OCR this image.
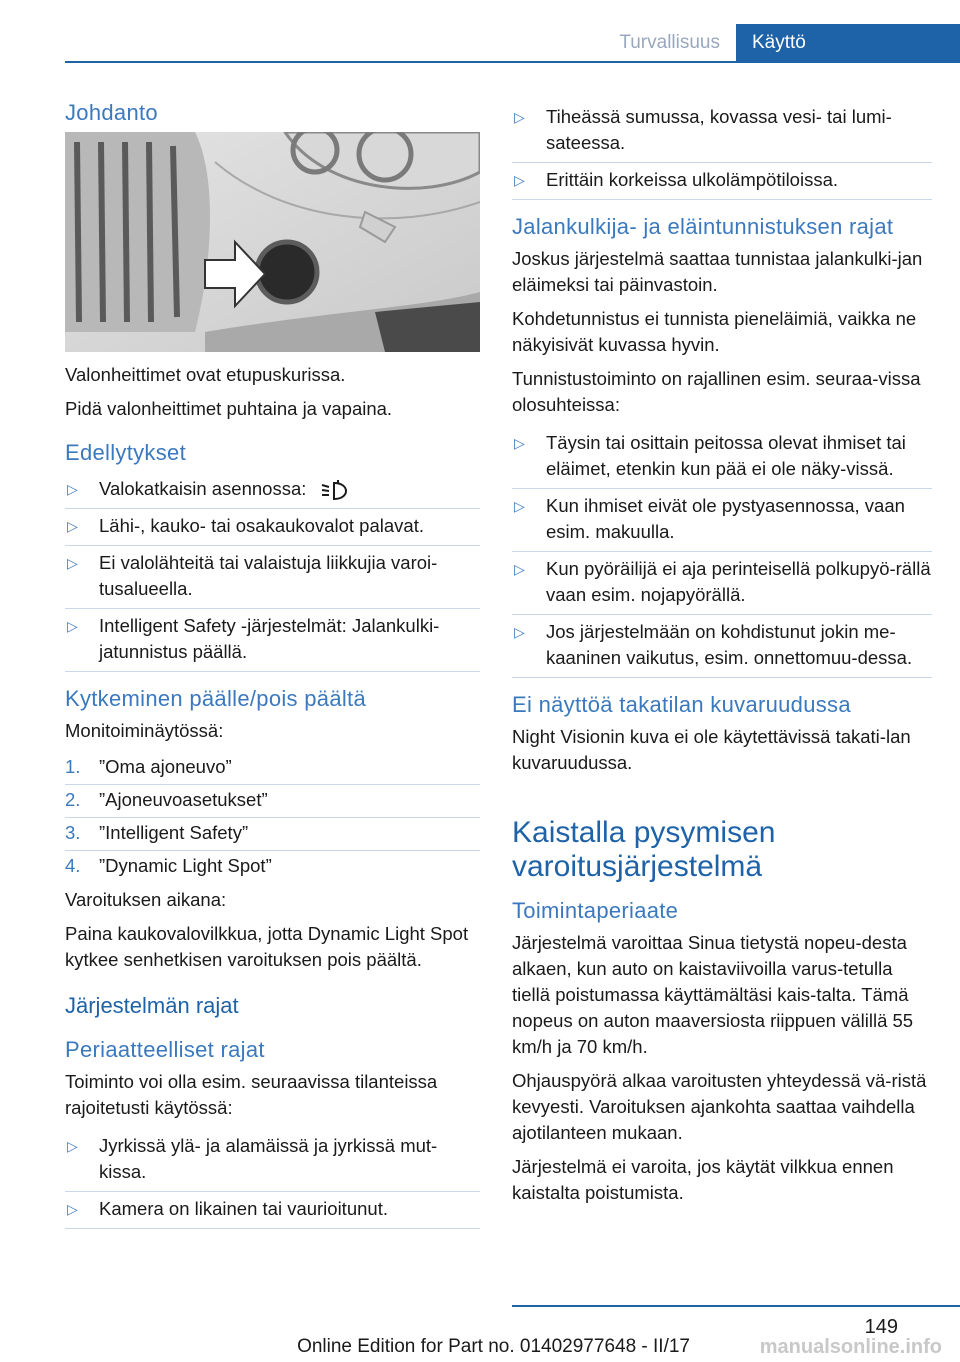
Turvallisuus	Käyttö
Johdanto

Valonheittimet ovat etupuskurissa.

Pidä valonheittimet puhtaina ja vapaina.

Edellytykset
▷ Valokatkaisin asennossa:
▷ Lähi-, kauko- tai osakaukovalot palavat.
▷ Ei valolähteitä tai valaistuja liikkujia varoi-tusalueella.
▷ Intelligent Safety -järjestelmät: Jalankulki-jatunnistus päällä.
Kytkeminen päälle/pois päältä

Monitoiminäytössä:

1. ”Oma ajoneuvo”
2. ”Ajoneuvoasetukset”
3. ”Intelligent Safety”
4. ”Dynamic Light Spot”

Varoituksen aikana:

Paina kaukovalovilkkua, jotta Dynamic Light Spot kytkee senhetkisen varoituksen pois päältä.

Järjestelmän rajat
Periaatteelliset rajat

Toiminto voi olla esim. seuraavissa tilanteissa rajoitetusti käytössä:

▷ Jyrkissä ylä- ja alamäissä ja jyrkissä mut-kissa.
▷ Kamera on likainen tai vaurioitunut.
▷ Tiheässä sumussa, kovassa vesi- tai lumi-sateessa.
▷ Erittäin korkeissa ulkolämpötiloissa.
Jalankulkija- ja eläintunnistuksen rajat

Joskus järjestelmä saattaa tunnistaa jalankulki-jan eläimeksi tai päinvastoin.

Kohdetunnistus ei tunnista pieneläimiä, vaikka ne näkyisivät kuvassa hyvin.

Tunnistustoiminto on rajallinen esim. seuraa-vissa olosuhteissa:

▷ Täysin tai osittain peitossa olevat ihmiset tai eläimet, etenkin kun pää ei ole näky-vissä.
▷ Kun ihmiset eivät ole pystyasennossa, vaan esim. makuulla.
▷ Kun pyöräilijä ei aja perinteisellä polkupyö-rällä vaan esim. nojapyörällä.
▷ Jos järjestelmään on kohdistunut jokin me-kaaninen vaikutus, esim. onnettomuu-dessa.
Ei näyttöä takatilan kuvaruudussa

Night Visionin kuva ei ole käytettävissä takati-lan kuvaruudussa.

Kaistalla pysymisen varoitusjärjestelmä
Toimintaperiaate

Järjestelmä varoittaa Sinua tietystä nopeu-desta alkaen, kun auto on kaistaviivoilla varus-tetulla tiellä poistumassa käyttämältäsi kais-talta. Tämä nopeus on auton maaversiosta riippuen välillä 55 km/h ja 70 km/h.

Ohjauspyörä alkaa varoitusten yhteydessä vä-ristä kevyesti. Varoituksen ajankohta saattaa vaihdella ajotilanteen mukaan.

Järjestelmä ei varoita, jos käytät vilkkua ennen kaistalta poistumista.

149
Online Edition for Part no. 01402977648 - II/17	manualsonline.info
